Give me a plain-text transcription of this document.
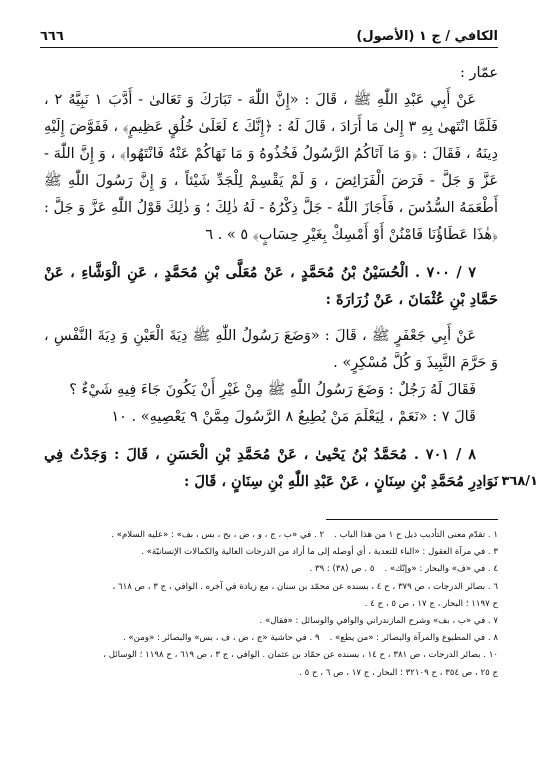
الكافي / ج ١ (الأصول)
٦٦٦

عمّار :

عَنْ أَبِي عَبْدِ اللّٰهِ ﷺ ، قَالَ : «إِنَّ اللّٰهَ - تَبَارَكَ وَ تَعَالىٰ - أَدَّبَ ١ نَبِيَّهُ ٢ ، فَلَمَّا انْتَهىٰ بِهِ ٣ إِلىٰ مَا أَرَادَ ، قَالَ لَهُ : ﴿إِنَّكَ ٤ لَعَلَىٰ خُلُقٍ عَظِيمٍ﴾ ، فَفَوَّضَ إِلَيْهِ دِينَهُ ، فَقَالَ : ﴿وَ مَا آتَاكُمُ الرَّسُولُ فَخُذُوهُ وَ مَا نَهَاكُمْ عَنْهُ فَانْتَهُوا﴾ ، وَ إِنَّ اللّٰهَ - عَزَّ وَ جَلَّ - فَرَضَ الْفَرَائِضَ ، وَ لَمْ يَقْسِمْ لِلْجَدِّ شَيْئاً ، وَ إِنَّ رَسُولَ اللّٰهِ ﷺ أَطْعَمَهُ السُّدُسَ ، فَأَجَازَ اللّٰهُ - جَلَّ ذِكْرُهُ - لَهُ ذٰلِكَ ؛ وَ ذٰلِكَ قَوْلُ اللّٰهِ عَزَّ وَ جَلَّ : ﴿هٰذَا عَطَاؤُنَا فَامْنُنْ أَوْ أَمْسِكْ بِغَيْرِ حِسَابٍ﴾ ٥ » . ٦

٧ / ٧٠٠ . الْحُسَيْنُ بْنُ مُحَمَّدٍ ، عَنْ مُعَلَّى بْنِ مُحَمَّدٍ ، عَنِ الْوَشَّاءِ ، عَنْ حَمَّادِ بْنِ عُثْمَانَ ، عَنْ زُرَارَةَ :

عَنْ أَبِي جَعْفَرٍ ﷺ ، قَالَ : «وَضَعَ رَسُولُ اللّٰهِ ﷺ دِيَةَ الْعَيْنِ وَ دِيَةَ النَّفْسِ ، وَ حَرَّمَ النَّبِيذَ وَ كُلَّ مُسْكِرٍ» .

فَقَالَ لَهُ رَجُلٌ : وَضَعَ رَسُولُ اللّٰهِ ﷺ مِنْ غَيْرِ أَنْ يَكُونَ جَاءَ فِيهِ شَيْءٌ ؟

قَالَ ٧ : «نَعَمْ ، لِيَعْلَمَ مَنْ يُطِيعُ ٨ الرَّسُولَ مِمَّنْ ٩ يَعْصِيهِ» . ١٠

٨ / ٧٠١ . مُحَمَّدُ بْنُ يَحْيىٰ ، عَنْ مُحَمَّدِ بْنِ الْحَسَنِ ، قَالَ : وَجَدْتُ فِي نَوَادِرِ مُحَمَّدِ بْنِ سِنَانٍ ، عَنْ عَبْدِ اللّٰهِ بْنِ سِنَانٍ ، قَالَ : ٣٦٨/١

١ . تقدّم معنى التأديب ذيل ح ١ من هذا الباب .٢ . في «ب ، ج ، و ، ض ، بح ، بس ، بف» : «عليه السلام» .
٣ . في مرآة العقول : «الباء للتعدية ، أي أوصله إلى ما أراد من الدرجات العالية والكمالات الإنسانيّة» .
٤ . في «ف» والبحار : «وإنّك» .٥ . ص (٣٨) : ٣٩ .
٦ . بصائر الدرجات ، ص ٣٧٩ ، ح ٤ ، بسنده عن محمّد بن سنان ، مع زيادة في آخره . الوافي ، ج ٣ ، ص ٦١٨ ،
ح ١١٩٧ ؛ البحار ، ج ١٧ ، ص ٥ ، ح ٤ .
٧ . في «ب ، بف» وشرح المازندراني والوافي والوسائل : «فقال» .
٨ . في المطبوع والمرآة والبصائر : «من يطع» .٩ . في حاشية «ج ، ض ، ف ، بس» والبصائر : «ومن» .
١٠ . بصائر الدرجات ، ص ٣٨١ ، ح ١٤ ، بسنده عن حمّاد بن عثمان . الوافي ، ج ٣ ، ص ٦١٩ ، ح ١١٩٨ ؛ الوسائل ،
ج ٢٥ ، ص ٣٥٤ ، ح ٣٢١٠٩ ؛ البحار ، ج ١٧ ، ص ٦ ، ح ٥ .
